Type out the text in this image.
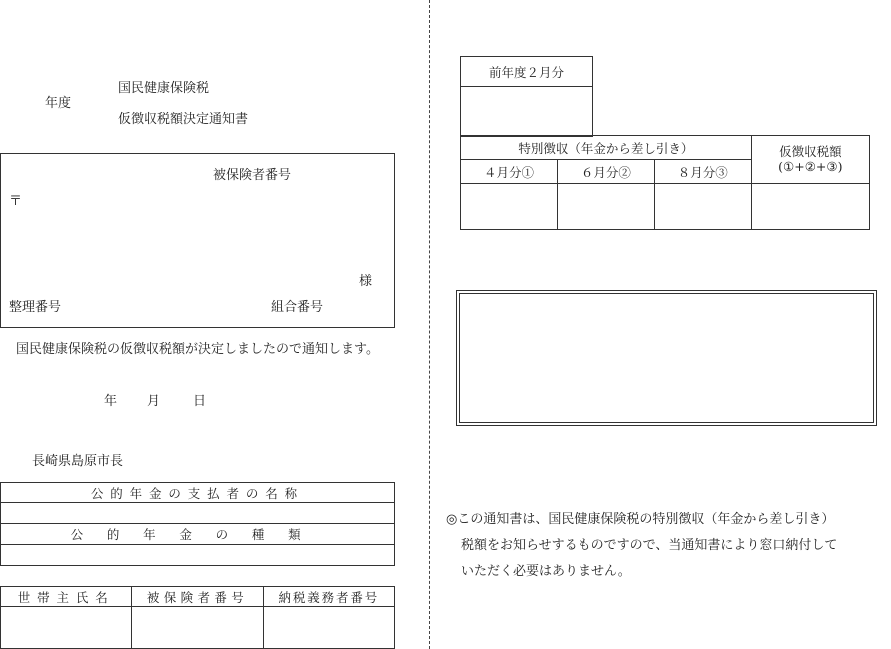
国民健康保険税
年度
仮徴収税額決定通知書
被保険者番号
〒
様
整理番号	組合番号
国民健康保険税の仮徴収税額が決定しましたので通知します。
年 月	日
長崎県島原市長
公的年金の支払者の名称

公的年金の種類

世帯主氏名	被保険者番号	納税義務者番号

前年度２月分

特別徴収（年金から差し引き）			仮徴収税額
(①+②+③)
４月分①	６月分②	８月分③	

◎この通知書は、国民健康保険税の特別徴収（年金から差し引き）
税額をお知らせするものですので、当通知書により窓口納付して
いただく必要はありません。
